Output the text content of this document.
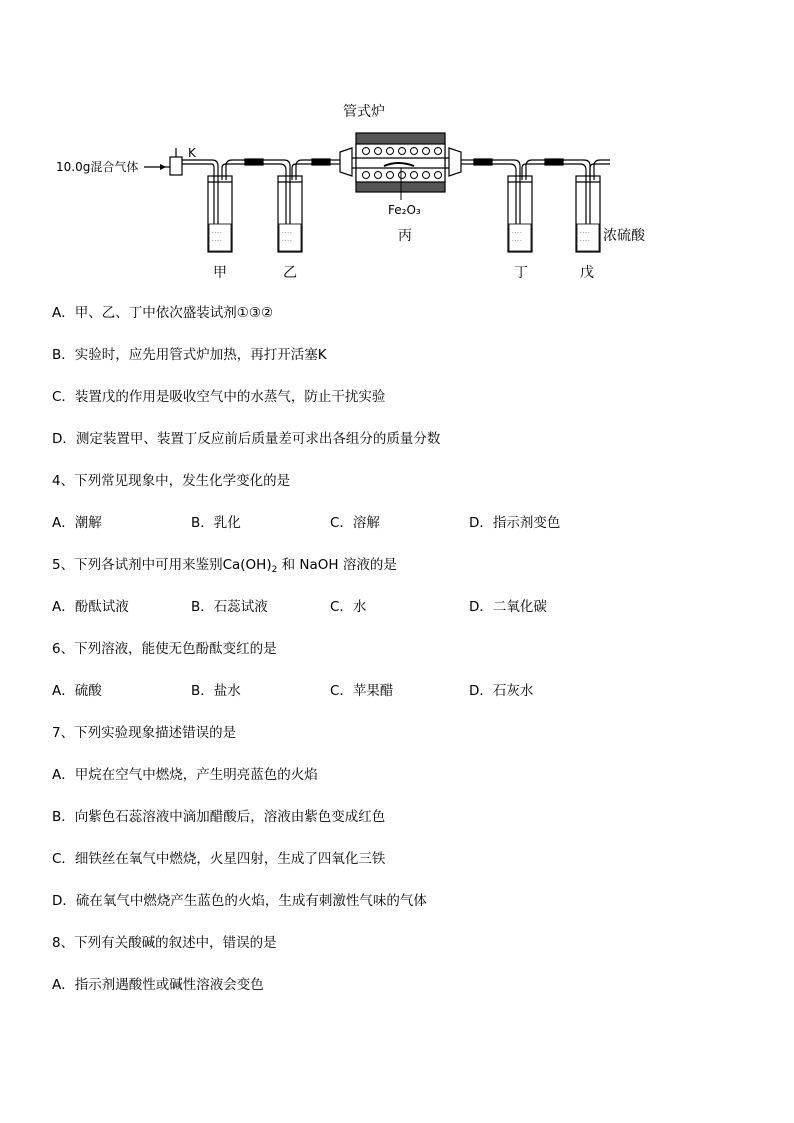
- - - -
- - - -
- - - -
- - - -
- - - -
- - - -
- - - -
- - - -
10.0g混合气体
K
管式炉
Fe₂O₃
丙	浓硫酸
甲	乙	丁	戊
A．甲、乙、丁中依次盛装试剂①③②
B．实验时，应先用管式炉加热，再打开活塞K
C．装置戊的作用是吸收空气中的水蒸气，防止干扰实验
D．测定装置甲、装置丁反应前后质量差可求出各组分的质量分数
4、下列常见现象中，发生化学变化的是
A．潮解	B．乳化	C．溶解	D．指示剂变色
5、下列各试剂中可用来鉴别$Ca(OH)_2$ 和 NaOH 溶液的是
A．酚酞试液	B．石蕊试液	C．水	D．二氧化碳
6、下列溶液，能使无色酚酞变红的是
A．硫酸	B．盐水	C．苹果醋	D．石灰水
7、下列实验现象描述错误的是
A．甲烷在空气中燃烧，产生明亮蓝色的火焰
B．向紫色石蕊溶液中滴加醋酸后，溶液由紫色变成红色
C．细铁丝在氧气中燃烧，火星四射，生成了四氧化三铁
D．硫在氧气中燃烧产生蓝色的火焰，生成有刺激性气味的气体
8、下列有关酸碱的叙述中，错误的是
A．指示剂遇酸性或碱性溶液会变色
